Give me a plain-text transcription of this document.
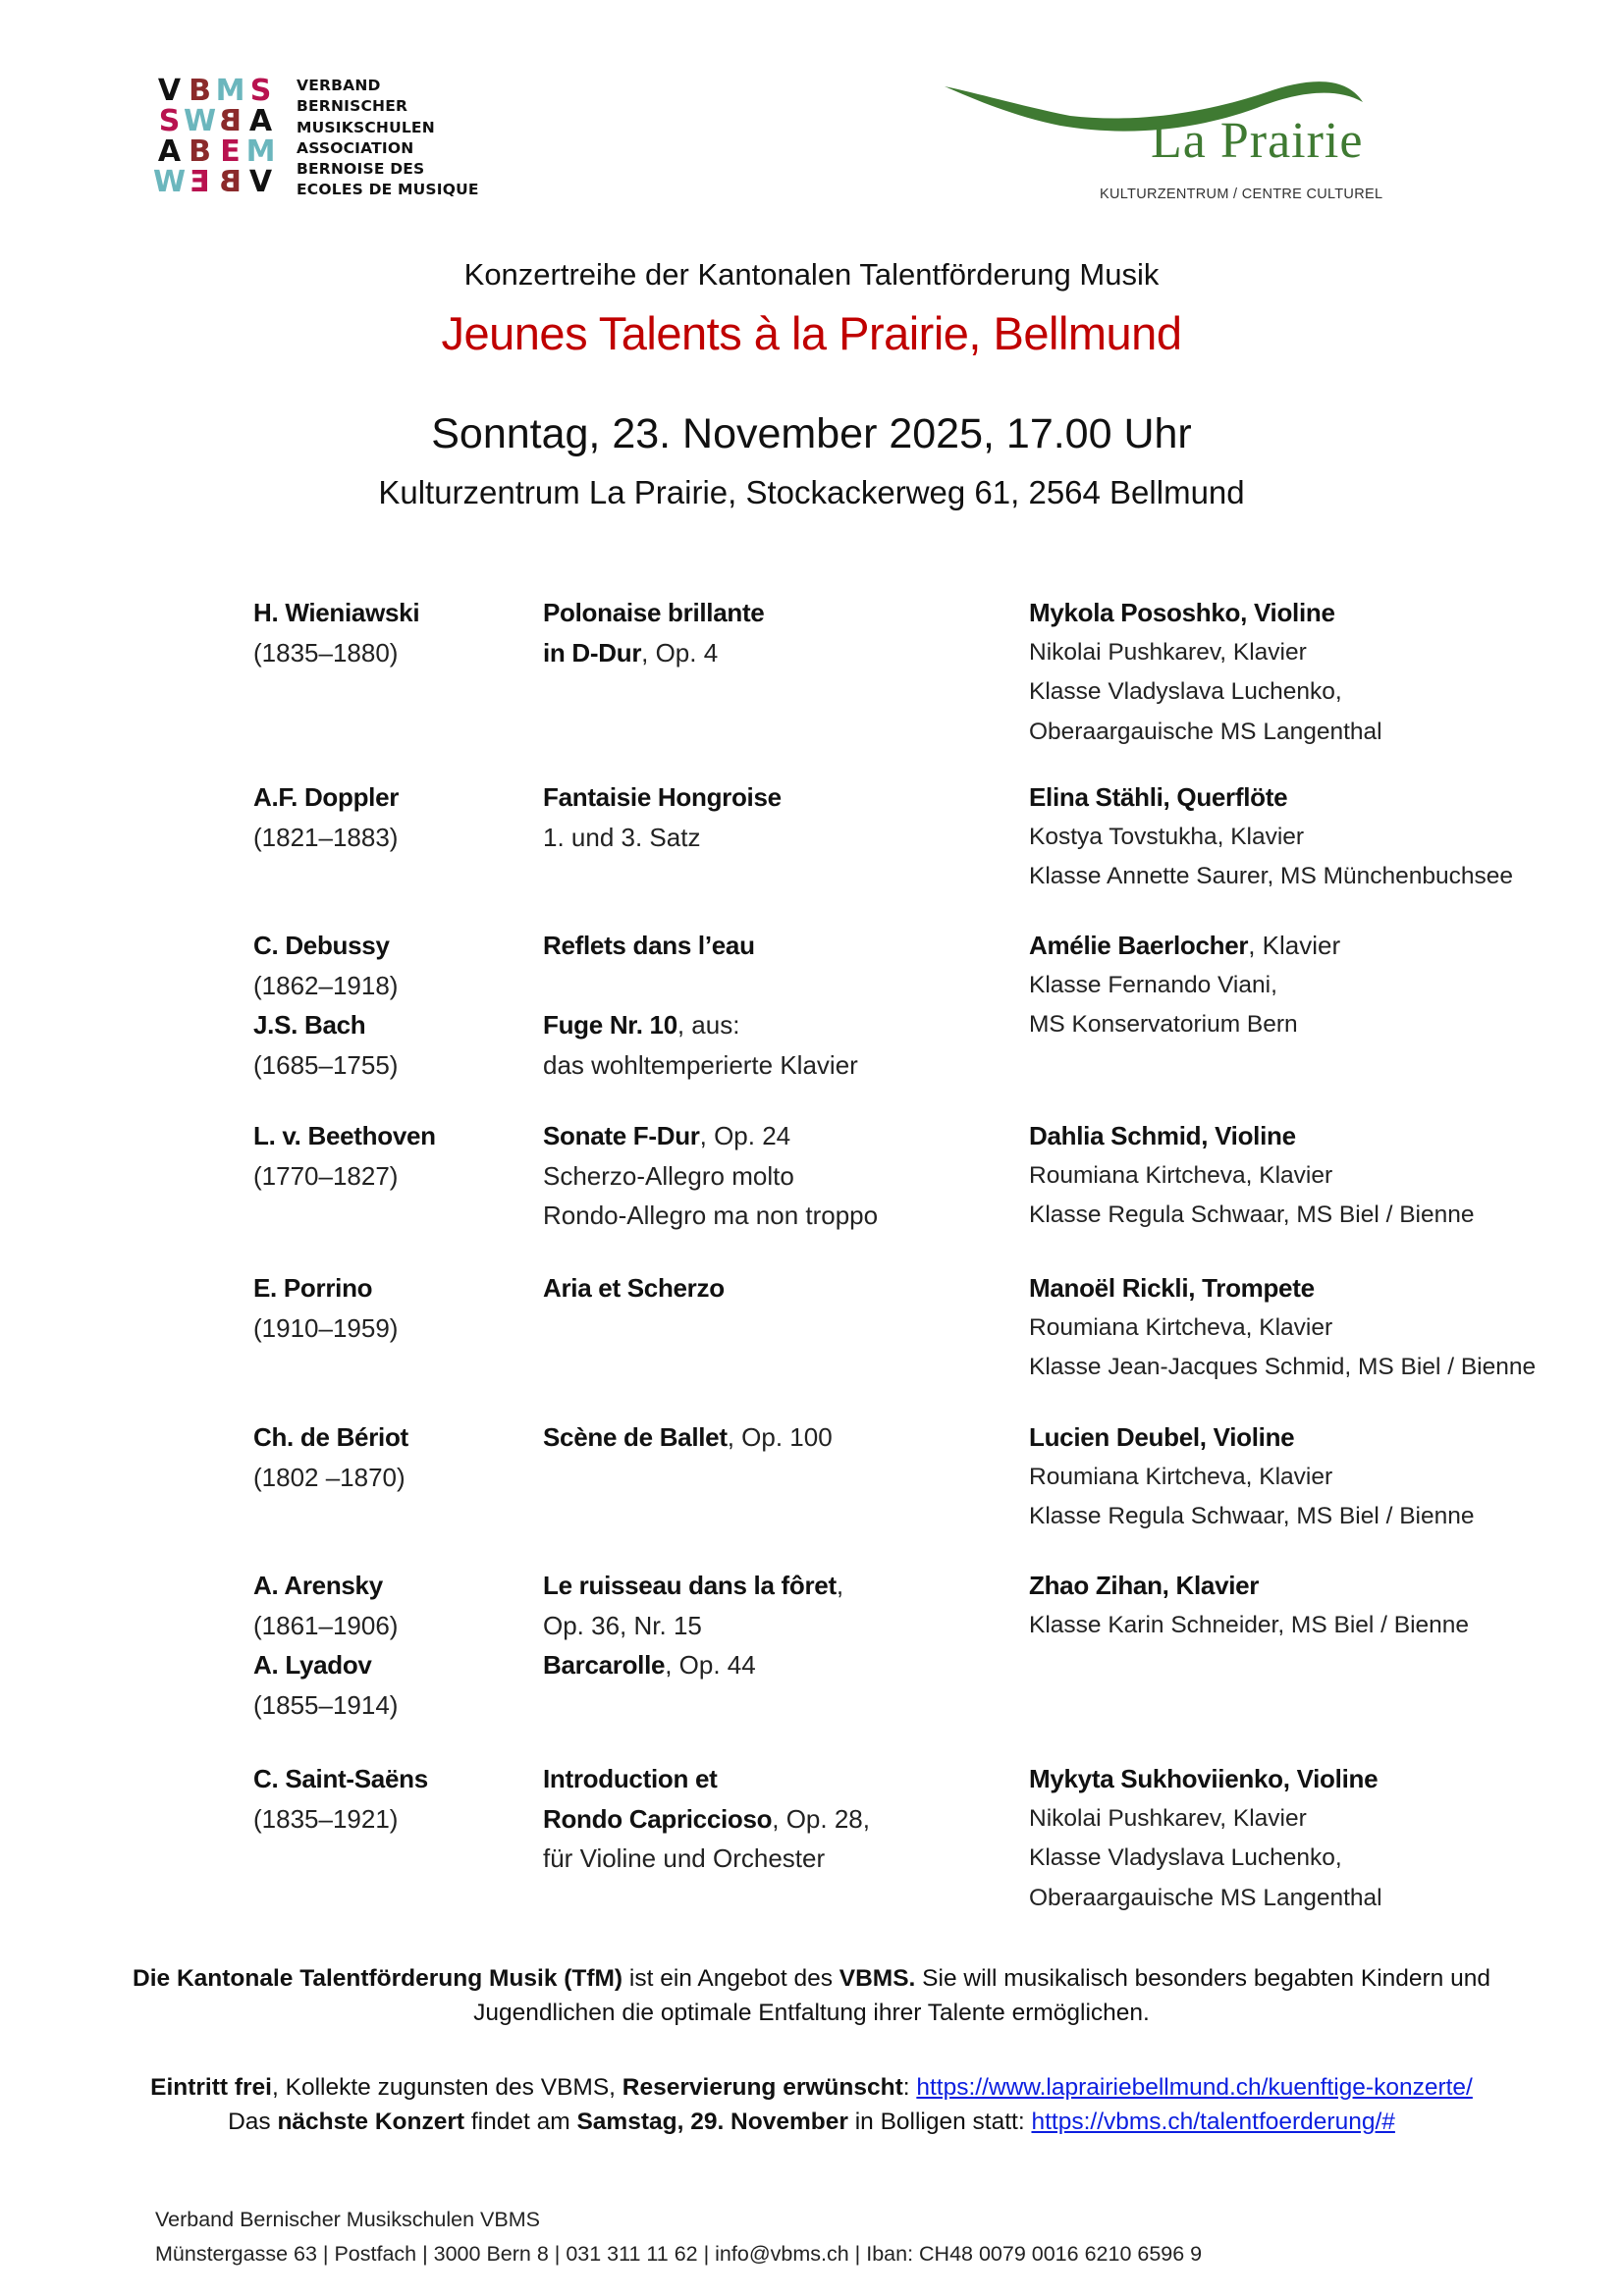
V B M S
S W B A
A B E M
W E B V
VERBAND
BERNISCHER
MUSIKSCHULEN
ASSOCIATION
BERNOISE DES
ECOLES DE MUSIQUE
La Prairie
KULTURZENTRUM / CENTRE CULTUREL
Konzertreihe der Kantonalen Talentförderung Musik
Jeunes Talents à la Prairie, Bellmund
Sonntag, 23. November 2025, 17.00 Uhr
Kulturzentrum La Prairie, Stockackerweg 61, 2564 Bellmund
H. Wieniawski
(1835–1880)
Polonaise brillante
in D-Dur, Op. 4
Mykola Pososhko, Violine
Nikolai Pushkarev, Klavier
Klasse Vladyslava Luchenko,
Oberaargauische MS Langenthal
A.F. Doppler
(1821–1883)
Fantaisie Hongroise
1. und 3. Satz
Elina Stähli, Querflöte
Kostya Tovstukha, Klavier
Klasse Annette Saurer, MS Münchenbuchsee
C. Debussy
(1862–1918)
J.S. Bach
(1685–1755)
Reflets dans l’eau
Fuge Nr. 10, aus:
das wohltemperierte Klavier
Amélie Baerlocher, Klavier
Klasse Fernando Viani,
MS Konservatorium Bern
L. v. Beethoven
(1770–1827)
Sonate F-Dur, Op. 24
Scherzo-Allegro molto
Rondo-Allegro ma non troppo
Dahlia Schmid, Violine
Roumiana Kirtcheva, Klavier
Klasse Regula Schwaar, MS Biel / Bienne
E. Porrino
(1910–1959)
Aria et Scherzo	Manoël Rickli, Trompete
Roumiana Kirtcheva, Klavier
Klasse Jean-Jacques Schmid, MS Biel / Bienne
Ch. de Bériot
(1802 –1870)
Scène de Ballet, Op. 100	Lucien Deubel, Violine
Roumiana Kirtcheva, Klavier
Klasse Regula Schwaar, MS Biel / Bienne
A. Arensky
(1861–1906)
A. Lyadov
(1855–1914)
Le ruisseau dans la fôret,
Op. 36, Nr. 15
Barcarolle, Op. 44
Zhao Zihan, Klavier
Klasse Karin Schneider, MS Biel / Bienne
C. Saint-Saëns
(1835–1921)
Introduction et
Rondo Capriccioso, Op. 28,
für Violine und Orchester
Mykyta Sukhoviienko, Violine
Nikolai Pushkarev, Klavier
Klasse Vladyslava Luchenko,
Oberaargauische MS Langenthal
Die Kantonale Talentförderung Musik (TfM) ist ein Angebot des VBMS. Sie will musikalisch besonders begabten Kindern und
Jugendlichen die optimale Entfaltung ihrer Talente ermöglichen.
Eintritt frei, Kollekte zugunsten des VBMS, Reservierung erwünscht: https://www.laprairiebellmund.ch/kuenftige-konzerte/
Das nächste Konzert findet am Samstag, 29. November in Bolligen statt: https://vbms.ch/talentfoerderung/#
Verband Bernischer Musikschulen VBMS
Münstergasse 63 | Postfach | 3000 Bern 8 | 031 311 11 62 | info@vbms.ch | Iban: CH48 0079 0016 6210 6596 9
